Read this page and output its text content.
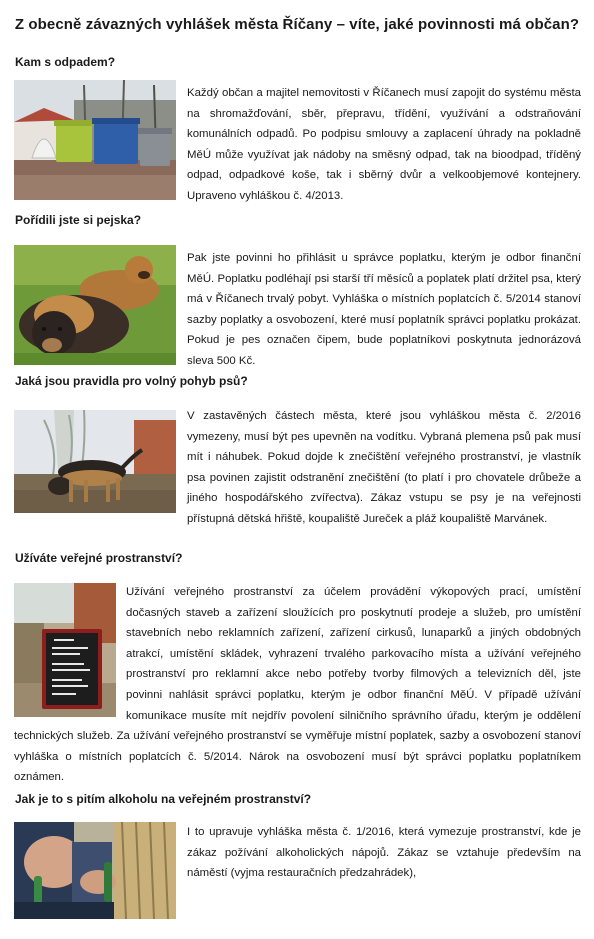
Z obecně závazných vyhlášek města Říčany – víte, jaké povinnosti má občan?
Kam s odpadem?
Každý občan a majitel nemovitosti v Říčanech musí zapojit do systému města na shromažďování, sběr, přepravu, třídění, využívání a odstraňování komunálních odpadů. Po podpisu smlouvy a zaplacení úhrady na pokladně MěÚ může využívat jak nádoby na směsný odpad, tak na bioodpad, tříděný odpad, odpadkové koše, tak i sběrný dvůr a velkoobjemové kontejnery. Upraveno vyhláškou č. 4/2013.
Pořídili jste si pejska?
Pak jste povinni ho přihlásit u správce poplatku, kterým je odbor finanční MěÚ. Poplatku podléhají psi starší tří měsíců a poplatek platí držitel psa, který má v Říčanech trvalý pobyt. Vyhláška o místních poplatcích č. 5/2014 stanoví sazby poplatky a osvobození, které musí poplatník správci poplatku prokázat. Pokud je pes označen čipem, bude poplatníkovi poskytnuta jednorázová sleva 500 Kč.
Jaká jsou pravidla pro volný pohyb psů?
V zastavěných částech města, které jsou vyhláškou města č. 2/2016 vymezeny, musí být pes upevněn na vodítku. Vybraná plemena psů pak musí mít i náhubek. Pokud dojde k znečištění veřejného prostranství, je vlastník psa povinen zajistit odstranění znečištění (to platí i pro chovatele drůbeže a jiného hospodářského zvířectva). Zákaz vstupu se psy je na veřejnosti přístupná dětská hřiště, koupaliště Jureček a pláž koupaliště Marvánek.
Užíváte veřejné prostranství?
Užívání veřejného prostranství za účelem provádění výkopových prací, umístění dočasných staveb a zařízení sloužících pro poskytnutí prodeje a služeb, pro umístění stavebních nebo reklamních zařízení, zařízení cirkusů, lunaparků a jiných obdobných atrakcí, umístění skládek, vyhrazení trvalého parkovacího místa a užívání veřejného prostranství pro reklamní akce nebo potřeby tvorby filmových a televizních děl, jste povinni nahlásit správci poplatku, kterým je odbor finanční MěÚ. V případě užívání komunikace musíte mít nejdřív povolení silničního správního úřadu, kterým je oddělení technických služeb. Za užívání veřejného prostranství se vyměřuje místní poplatek, sazby a osvobození stanoví vyhláška o místních poplatcích č. 5/2014. Nárok na osvobození musí být správci poplatku poplatníkem oznámen.
Jak je to s pitím alkoholu na veřejném prostranství?
I to upravuje vyhláška města č. 1/2016, která vymezuje prostranství, kde je zákaz požívání alkoholických nápojů. Zákaz se vztahuje především na náměstí (vyjma restauračních předzahrádek),
